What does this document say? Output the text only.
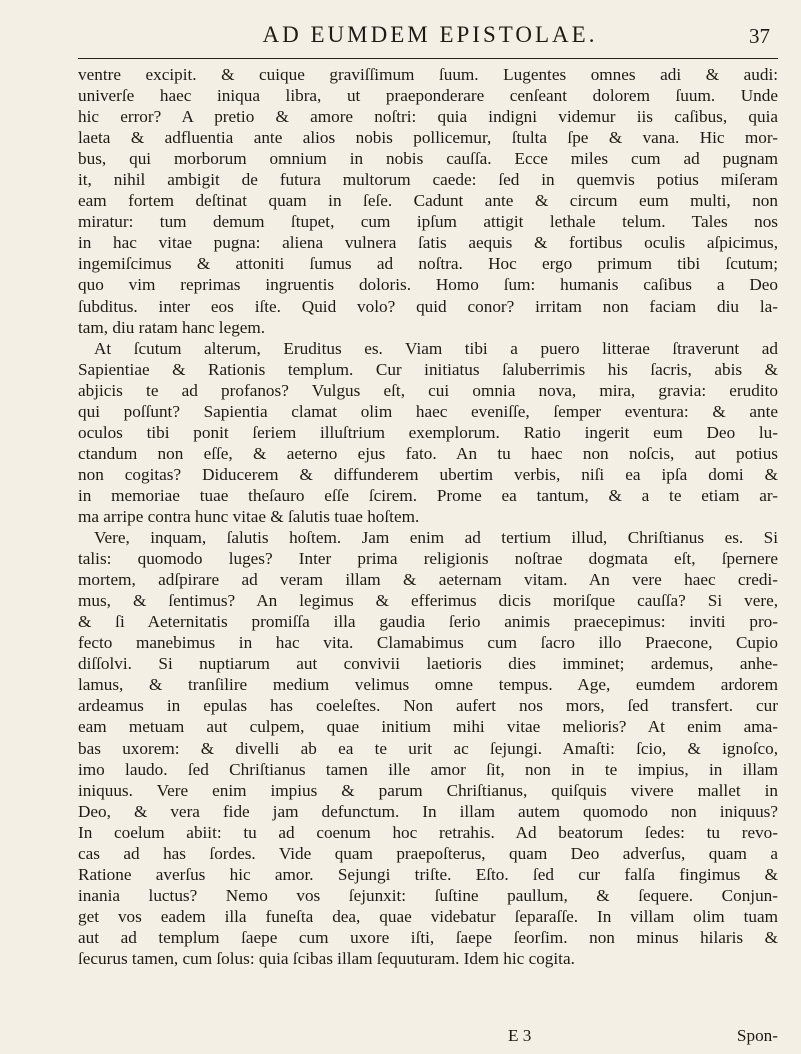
AD EUMDEM EPISTOLAE.	37
ventre excipit. & cuique graviſſimum ſuum. Lugentes omnes adi & audi:
univerſe haec iniqua libra, ut praeponderare cenſeant dolorem ſuum. Unde
hic error? A pretio & amore noſtri: quia indigni videmur iis caſibus, quia
laeta & adfluentia ante alios nobis pollicemur, ſtulta ſpe & vana. Hic mor-
bus, qui morborum omnium in nobis cauſſa. Ecce miles cum ad pugnam
it, nihil ambigit de futura multorum caede: ſed in quemvis potius miſeram
eam fortem deſtinat quam in ſeſe. Cadunt ante & circum eum multi, non
miratur: tum demum ſtupet, cum ipſum attigit lethale telum. Tales nos
in hac vitae pugna: aliena vulnera ſatis aequis & fortibus oculis aſpicimus,
ingemiſcimus & attoniti ſumus ad noſtra. Hoc ergo primum tibi ſcutum;
quo vim reprimas ingruentis doloris. Homo ſum: humanis caſibus a Deo
ſubditus. inter eos iſte. Quid volo? quid conor? irritam non faciam diu la-
tam, diu ratam hanc legem.
At ſcutum alterum, Eruditus es. Viam tibi a puero litterae ſtraverunt ad
Sapientiae & Rationis templum. Cur initiatus ſaluberrimis his ſacris, abis &
abjicis te ad profanos? Vulgus eſt, cui omnia nova, mira, gravia: erudito
qui poſſunt? Sapientia clamat olim haec eveniſſe, ſemper eventura: & ante
oculos tibi ponit ſeriem illuſtrium exemplorum. Ratio ingerit eum Deo lu-
ctandum non eſſe, & aeterno ejus fato. An tu haec non noſcis, aut potius
non cogitas? Diducerem & diffunderem ubertim verbis, niſi ea ipſa domi &
in memoriae tuae theſauro eſſe ſcirem. Prome ea tantum, & a te etiam ar-
ma arripe contra hunc vitae & ſalutis tuae hoſtem.
Vere, inquam, ſalutis hoſtem. Jam enim ad tertium illud, Chriſtianus es. Si
talis: quomodo luges? Inter prima religionis noſtrae dogmata eſt, ſpernere
mortem, adſpirare ad veram illam & aeternam vitam. An vere haec credi-
mus, & ſentimus? An legimus & efferimus dicis moriſque cauſſa? Si vere,
& ſi Aeternitatis promiſſa illa gaudia ſerio animis praecepimus: inviti pro-
fecto manebimus in hac vita. Clamabimus cum ſacro illo Praecone, Cupio
diſſolvi. Si nuptiarum aut convivii laetioris dies imminet; ardemus, anhe-
lamus, & tranſilire medium velimus omne tempus. Age, eumdem ardorem
ardeamus in epulas has coeleſtes. Non aufert nos mors, ſed transfert. cur
eam metuam aut culpem, quae initium mihi vitae melioris? At enim ama-
bas uxorem: & divelli ab ea te urit ac ſejungi. Amaſti: ſcio, & ignoſco,
imo laudo. ſed Chriſtianus tamen ille amor ſit, non in te impius, in illam
iniquus. Vere enim impius & parum Chriſtianus, quiſquis vivere mallet in
Deo, & vera fide jam defunctum. In illam autem quomodo non iniquus?
In coelum abiit: tu ad coenum hoc retrahis. Ad beatorum ſedes: tu revo-
cas ad has ſordes. Vide quam praepoſterus, quam Deo adverſus, quam a
Ratione averſus hic amor. Sejungi triſte. Eſto. ſed cur falſa fingimus &
inania luctus? Nemo vos ſejunxit: ſuſtine paullum, & ſequere. Conjun-
get vos eadem illa funeſta dea, quae videbatur ſeparaſſe. In villam olim tuam
aut ad templum ſaepe cum uxore iſti, ſaepe ſeorſim. non minus hilaris &
ſecurus tamen, cum ſolus: quia ſcibas illam ſequuturam. Idem hic cogita.
E 3	Spon-
